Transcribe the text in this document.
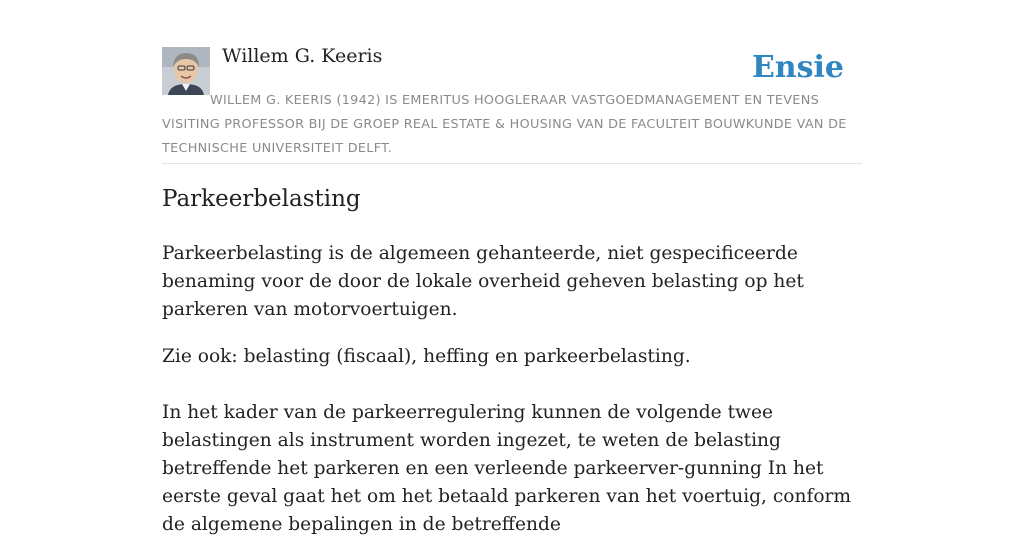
Willem G. Keeris	Ensie

WILLEM G. KEERIS (1942) IS EMERITUS HOOGLERAAR VASTGOEDMANAGEMENT EN TEVENS VISITING PROFESSOR BIJ DE GROEP REAL ESTATE & HOUSING VAN DE FACULTEIT BOUWKUNDE VAN DE TECHNISCHE UNIVERSITEIT DELFT.

Parkeerbelasting

Parkeerbelasting is de algemeen gehanteerde, niet gespecificeerde benaming voor de door de lokale overheid geheven belasting op het parkeren van motorvoertuigen.

Zie ook: belasting (fiscaal), heffing en parkeerbelasting.

In het kader van de parkeerregulering kunnen de volgende twee belastingen als instrument worden ingezet, te weten de belasting betreffende het parkeren en een verleende parkeerver-gunning In het eerste geval gaat het om het betaald parkeren van het voertuig, conform de algemene bepalingen in de betreffende
